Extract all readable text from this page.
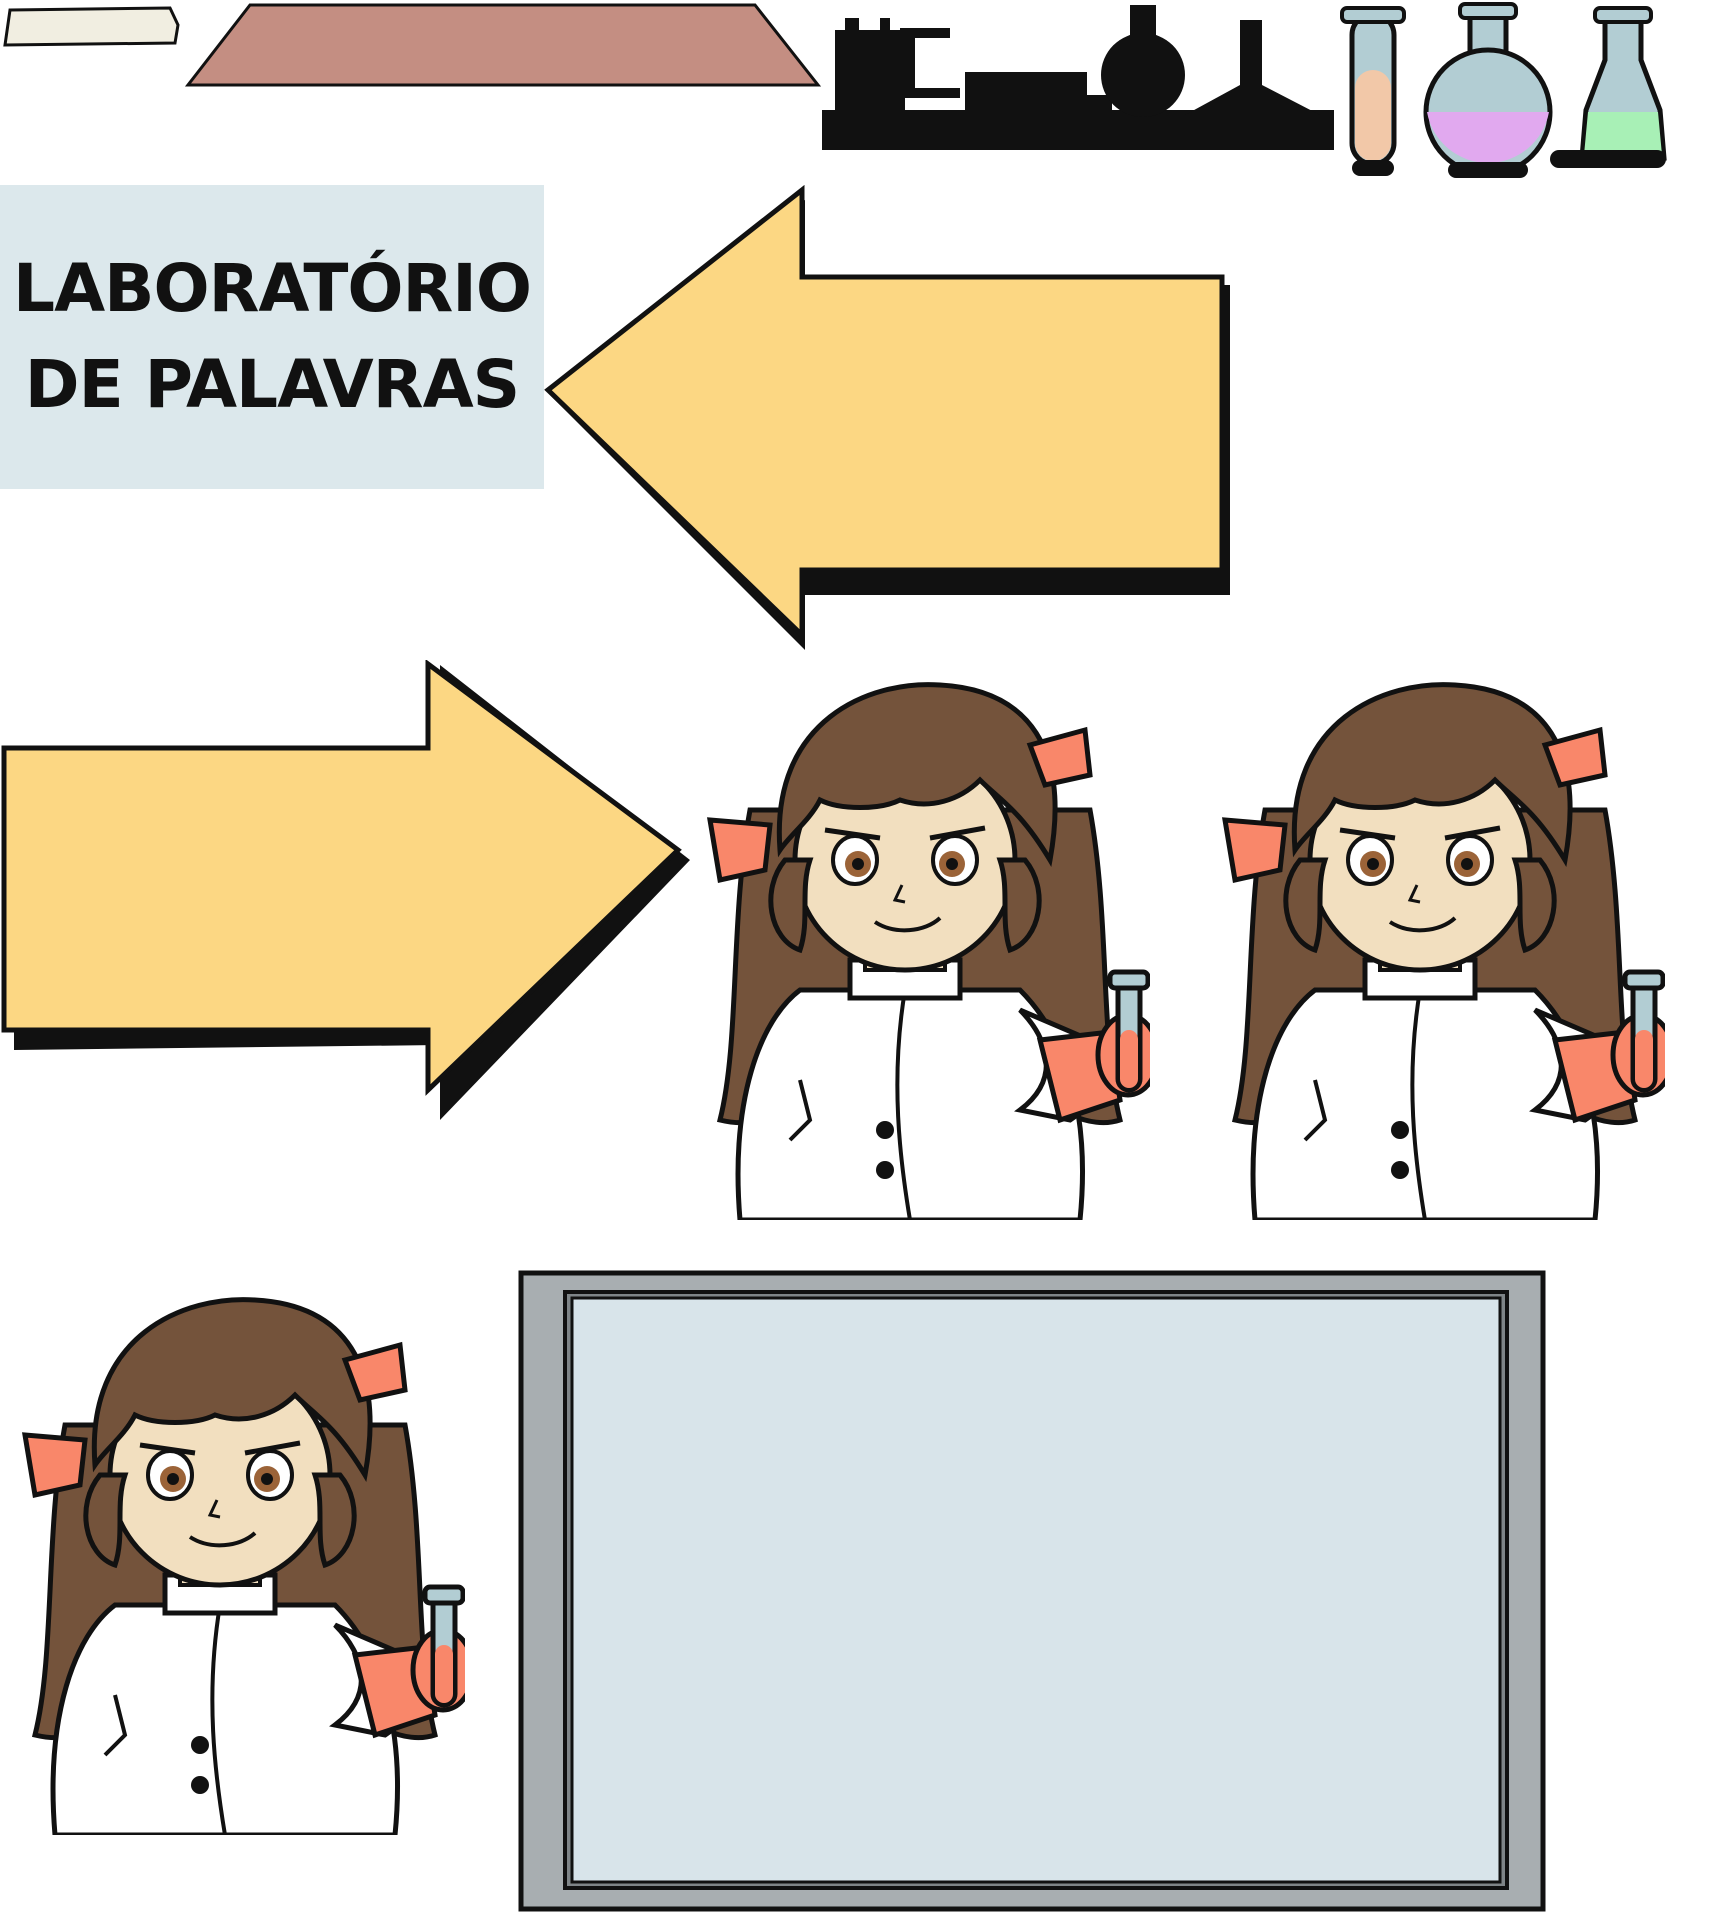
LABORATÓRIO
DE PALAVRAS
